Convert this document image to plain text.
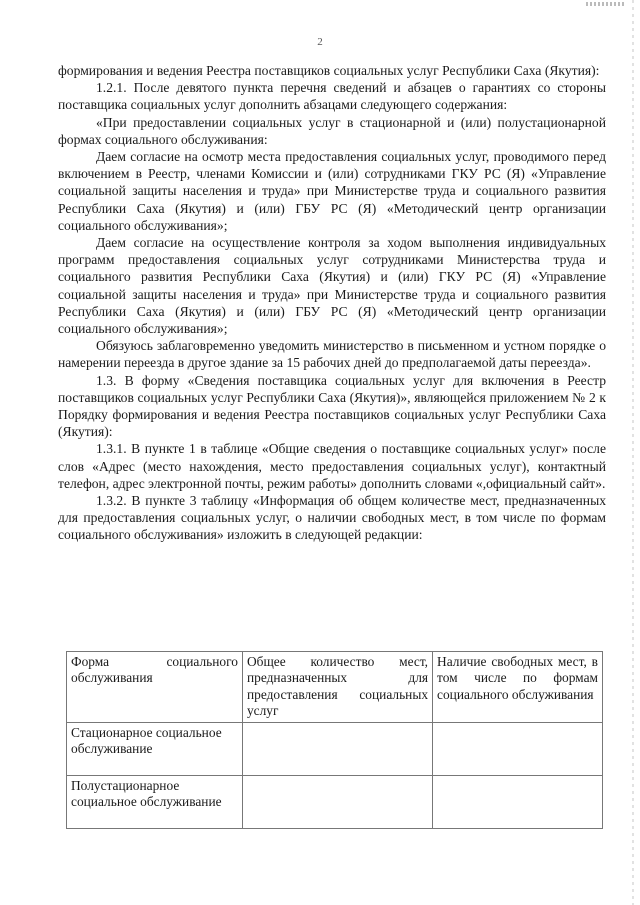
2

формирования и ведения Реестра поставщиков социальных услуг Республики Саха (Якутия):

1.2.1. После девятого пункта перечня сведений и абзацев о гарантиях со стороны поставщика социальных услуг дополнить абзацами следующего содержания:

«При предоставлении социальных услуг в стационарной и (или) полустационарной формах социального обслуживания:

Даем согласие на осмотр места предоставления социальных услуг, проводимого перед включением в Реестр, членами Комиссии и (или) сотрудниками ГКУ РС (Я) «Управление социальной защиты населения и труда» при Министерстве труда и социального развития Республики Саха (Якутия) и (или) ГБУ РС (Я) «Методический центр организации социального обслуживания»;

Даем согласие на осуществление контроля за ходом выполнения индивидуальных программ предоставления социальных услуг сотрудниками Министерства труда и социального развития Республики Саха (Якутия) и (или) ГКУ РС (Я) «Управление социальной защиты населения и труда» при Министерстве труда и социального развития Республики Саха (Якутия) и (или) ГБУ РС (Я) «Методический центр организации социального обслуживания»;

Обязуюсь заблаговременно уведомить министерство в письменном и устном порядке о намерении переезда в другое здание за 15 рабочих дней до предполагаемой даты переезда».

1.3. В форму «Сведения поставщика социальных услуг для включения в Реестр поставщиков социальных услуг Республики Саха (Якутия)», являющейся приложением № 2 к Порядку формирования и ведения Реестра поставщиков социальных услуг Республики Саха (Якутия):

1.3.1. В пункте 1 в таблице «Общие сведения о поставщике социальных услуг» после слов «Адрес (место нахождения, место предоставления социальных услуг), контактный телефон, адрес электронной почты, режим работы» дополнить словами «,официальный сайт».

1.3.2. В пункте 3 таблицу «Информация об общем количестве мест, предназначенных для предоставления социальных услуг, о наличии свободных мест, в том числе по формам социального обслуживания» изложить в следующей редакции:

Форма социального обслуживания	Общее количество мест, предназначенных для предоставления социальных услуг	Наличие свободных мест, в том числе по формам социального обслуживания

Стационарное социальное обслуживание		
Полустационарное социальное обслуживание		
